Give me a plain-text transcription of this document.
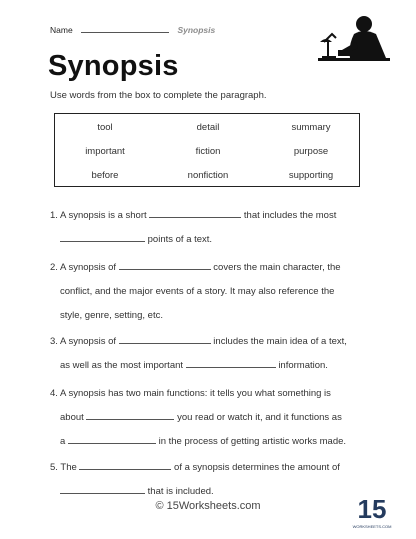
Name	Synopsis
Synopsis
Use words from the box to complete the paragraph.
tool	detail	summary
important	fiction	purpose
before	nonfiction	supporting
1. A synopsis is a short	that includes the most
points of a text.
2. A synopsis of	covers the main character, the
conflict, and the major events of a story. It may also reference the
style, genre, setting, etc.
3. A synopsis of	includes the main idea of a text,
as well as the most important	information.
4. A synopsis has two main functions: it tells you what something is
about	you read or watch it, and it functions as
a	in the process of getting artistic works made.
5. The	of a synopsis determines the amount of
that is included.
© 15Worksheets.com	15
WORKSHEETS.COM
